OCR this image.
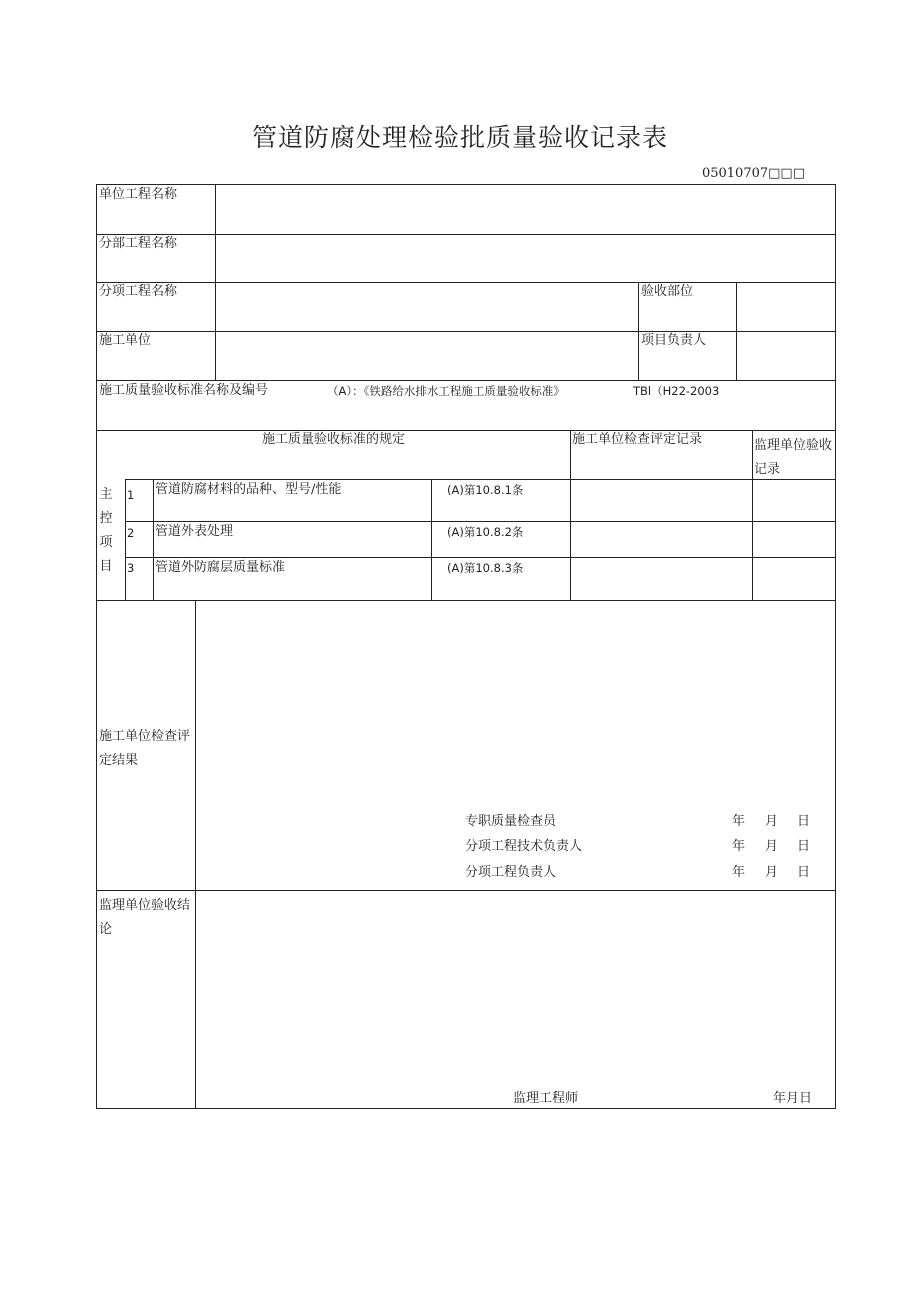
管道防腐处理检验批质量验收记录表
05010707□□□
单位工程名称
分部工程名称
分项工程名称	验收部位
施工单位	项目负责人
施工质量验收标准名称及编号	（A）：《铁路给水排水工程施工质量验收标准》	TBl（H22-2003
施工质量验收标准的规定	施工单位检查评定记录	监理单位验收记录
主控项目
1 管道防腐材料的品种、型号/性能	(A)第10.8.1条
2 管道外表处理	(A)第10.8.2条
3 管道外防腐层质量标准	(A)第10.8.3条
施工单位检查评定结果
专职质量检查员	年 月 日
分项工程技术负责人	年 月 日
分项工程负责人	年 月 日
监理单位验收结论
监理工程师	年月日
